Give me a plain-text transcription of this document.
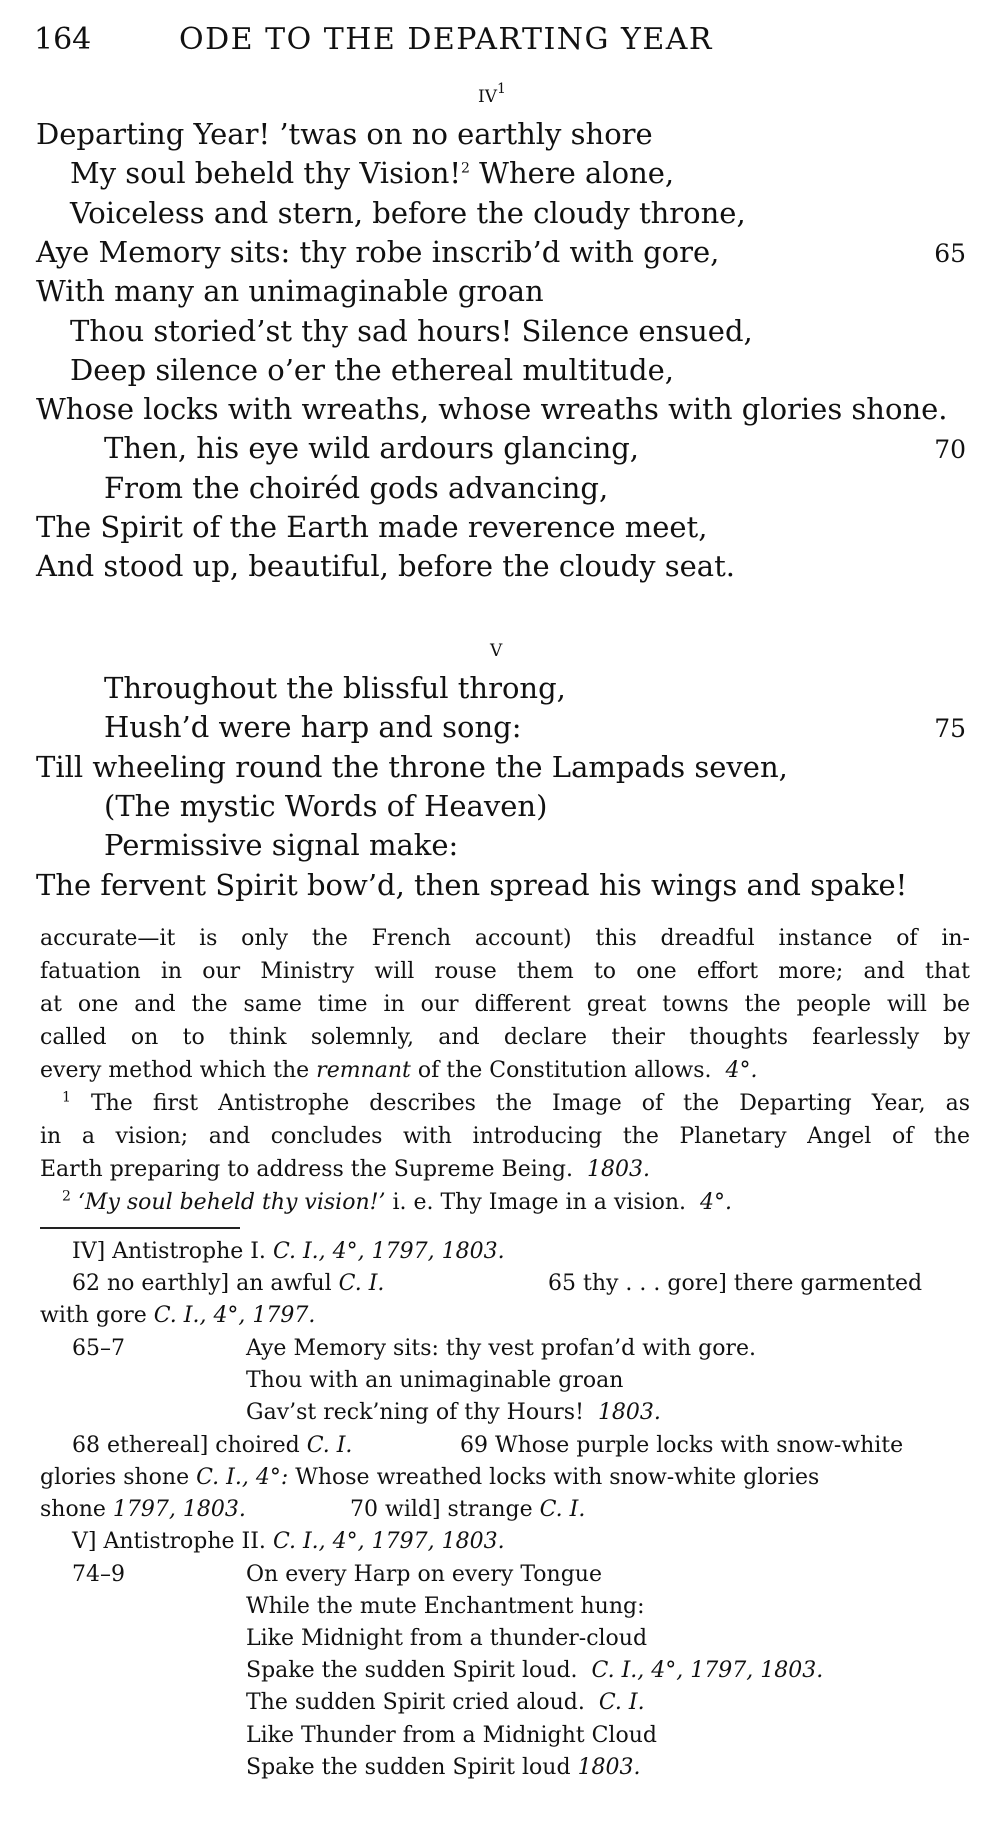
164	ODE TO THE DEPARTING YEAR
$iv^1$
Departing Year! ’twas on no earthly shore
My soul beheld thy Vision!$^2$ Where alone,
Voiceless and stern, before the cloudy throne,
Aye Memory sits: thy robe inscrib’d with gore,	65
With many an unimaginable groan
Thou storied’st thy sad hours! Silence ensued,
Deep silence o’er the ethereal multitude,
Whose locks with wreaths, whose wreaths with glories shone.
Then, his eye wild ardours glancing,	70
From the choiréd gods advancing,
The Spirit of the Earth made reverence meet,
And stood up, beautiful, before the cloudy seat.
v
Throughout the blissful throng,
Hush’d were harp and song:	75
Till wheeling round the throne the Lampads seven,
(The mystic Words of Heaven)
Permissive signal make:
The fervent Spirit bow’d, then spread his wings and spake!
accurate—it is only the French account) this dreadful instance of in-
fatuation in our Ministry will rouse them to one effort more; and that
at one and the same time in our different great towns the people will be
called on to think solemnly, and declare their thoughts fearlessly by
every method which the remnant of the Constitution allows. 4°.
$^1$ The first Antistrophe describes the Image of the Departing Year, as
in a vision; and concludes with introducing the Planetary Angel of the
Earth preparing to address the Supreme Being. 1803.
$^2$ ‘My soul beheld thy vision!’ i. e. Thy Image in a vision. 4°.
IV] Antistrophe I. C. I., 4°, 1797, 1803.
62 no earthly] an awful C. I.	65 thy . . . gore] there garmented
with gore C. I., 4°, 1797.
65–7	Aye Memory sits: thy vest profan’d with gore.
Thou with an unimaginable groan
Gav’st reck’ning of thy Hours! 1803.
68 ethereal] choired C. I.	69 Whose purple locks with snow-white
glories shone C. I., 4°: Whose wreathed locks with snow-white glories
shone 1797, 1803.	70 wild] strange C. I.
V] Antistrophe II. C. I., 4°, 1797, 1803.
74–9	On every Harp on every Tongue
While the mute Enchantment hung:
Like Midnight from a thunder-cloud
Spake the sudden Spirit loud. C. I., 4°, 1797, 1803.
The sudden Spirit cried aloud. C. I.
Like Thunder from a Midnight Cloud
Spake the sudden Spirit loud 1803.
